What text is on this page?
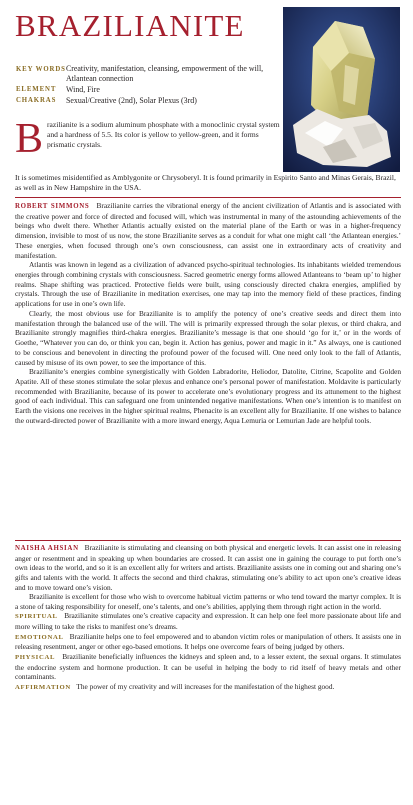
BRAZILIANITE
KEY WORDS Creativity, manifestation, cleansing, empowerment of the will, Atlantean connection
ELEMENT	Wind, Fire
CHAKRAS	Sexual/Creative (2nd), Solar Plexus (3rd)
B razilianite is a sodium aluminum phosphate with a monoclinic crystal system and a hardness of 5.5. Its color is yellow to yellow-green, and it forms prismatic crystals.
It is sometimes misidentified as Amblygonite or Chrysoberyl. It is found primarily in Espirito Santo and Minas Gerais, Brazil, as well as in New Hampshire in the USA.

ROBERT SIMMONS Brazilianite carries the vibrational energy of the ancient civilization of Atlantis and is associated with the creative power and force of directed and focused will, which was instrumental in many of the astounding achievements of the beings who dwelt there. Whether Atlantis actually existed on the material plane of the Earth or was in a higher-frequency dimension, invisible to most of us now, the stone Brazilianite serves as a conduit for what one might call ‘the Atlantean energies.’ These energies, when focused through one’s own consciousness, can assist one in extraordinary acts of creativity and manifestation.

Atlantis was known in legend as a civilization of advanced psycho-spiritual technologies. Its inhabitants wielded tremendous energies through combining crystals with consciousness. Sacred geometric energy forms allowed Atlanteans to ‘beam up’ to higher realms. Shape shifting was practiced. Protective fields were built, using consciously directed chakra energies, amplified by crystals. Through the use of Brazilianite in meditation exercises, one may tap into the memory field of these practices, finding applications for use in one’s own life.

Clearly, the most obvious use for Brazilianite is to amplify the potency of one’s creative seeds and direct them into manifestation through the balanced use of the will. The will is primarily expressed through the solar plexus, or third chakra, and Brazilianite strongly magnifies third-chakra energies. Brazilianite’s message is that one should ‘go for it,’ or in the words of Goethe, “Whatever you can do, or think you can, begin it. Action has genius, power and magic in it.” As always, one is cautioned to be conscious and benevolent in directing the profound power of the focused will. One need only look to the fall of Atlantis, caused by misuse of its own power, to see the importance of this.

Brazilianite’s energies combine synergistically with Golden Labradorite, Heliodor, Datolite, Citrine, Scapolite and Golden Apatite. All of these stones stimulate the solar plexus and enhance one’s personal power of manifestation. Moldavite is particularly recommended with Brazilianite, because of its power to accelerate one’s evolutionary progress and its attunement to the highest good of each individual. This can safeguard one from unintended negative manifestations. When one’s intention is to manifest on Earth the visions one receives in the higher spiritual realms, Phenacite is an excellent ally for Brazilianite. If one wishes to balance the outward-directed power of Brazilianite with a more inward energy, Aqua Lemuria or Lemurian Jade are helpful tools.

NAISHA AHSIAN Brazilianite is stimulating and cleansing on both physical and energetic levels. It can assist one in releasing anger or resentment and in speaking up when boundaries are crossed. It can assist one in gaining the courage to put forth one’s own ideas to the world, and so it is an excellent ally for writers and artists. Brazilianite assists one in coming out and sharing one’s gifts and talents with the world. It affects the second and third chakras, stimulating one’s ability to act upon one’s creative ideas and to move toward one’s vision.

Brazilianite is excellent for those who wish to overcome habitual victim patterns or who tend toward the martyr complex. It is a stone of taking responsibility for oneself, one’s talents, and one’s abilities, applying them through right action in the world.

SPIRITUAL Brazilianite stimulates one’s creative capacity and expression. It can help one feel more passionate about life and more willing to take the risks to manifest one’s dreams.

EMOTIONAL Brazilianite helps one to feel empowered and to abandon victim roles or manipulation of others. It assists one in releasing resentment, anger or other ego-based emotions. It helps one overcome fears of being judged by others.

PHYSICAL Brazilianite beneficially influences the kidneys and spleen and, to a lesser extent, the sexual organs. It stimulates the endocrine system and hormone production. It can be useful in helping the body to rid itself of heavy metals and other contaminants.

AFFIRMATION The power of my creativity and will increases for the manifestation of the highest good.
